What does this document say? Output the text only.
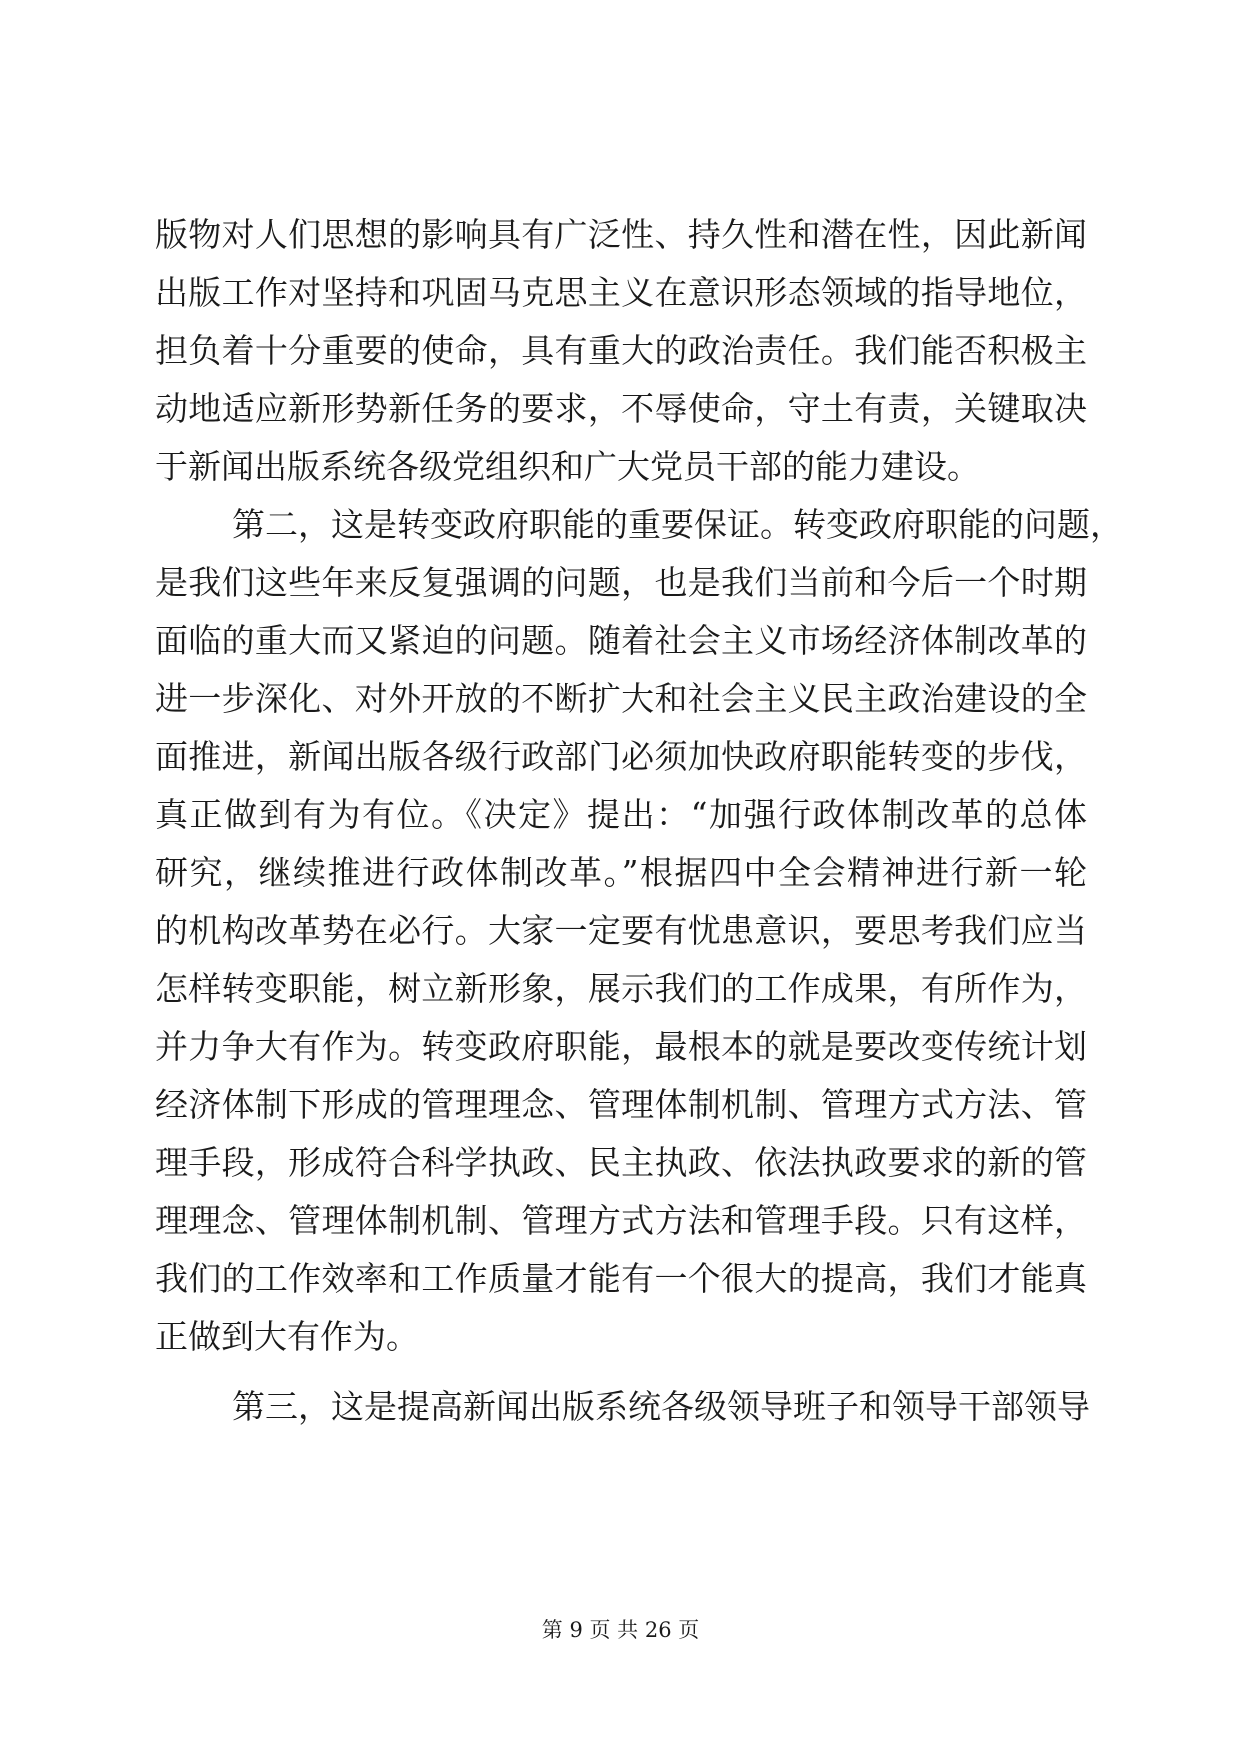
版物对人们思想的影响具有广泛性、持久性和潜在性，因此新闻
出版工作对坚持和巩固马克思主义在意识形态领域的指导地位，
担负着十分重要的使命，具有重大的政治责任。我们能否积极主
动地适应新形势新任务的要求，不辱使命，守土有责，关键取决
于新闻出版系统各级党组织和广大党员干部的能力建设。
第二，这是转变政府职能的重要保证。转变政府职能的问题，
是我们这些年来反复强调的问题，也是我们当前和今后一个时期
面临的重大而又紧迫的问题。随着社会主义市场经济体制改革的
进一步深化、对外开放的不断扩大和社会主义民主政治建设的全
面推进，新闻出版各级行政部门必须加快政府职能转变的步伐，
真正做到有为有位。《决定》提出：“加强行政体制改革的总体
研究，继续推进行政体制改革。”根据四中全会精神进行新一轮
的机构改革势在必行。大家一定要有忧患意识，要思考我们应当
怎样转变职能，树立新形象，展示我们的工作成果，有所作为，
并力争大有作为。转变政府职能，最根本的就是要改变传统计划
经济体制下形成的管理理念、管理体制机制、管理方式方法、管
理手段，形成符合科学执政、民主执政、依法执政要求的新的管
理理念、管理体制机制、管理方式方法和管理手段。只有这样，
我们的工作效率和工作质量才能有一个很大的提高，我们才能真
正做到大有作为。
第三，这是提高新闻出版系统各级领导班子和领导干部领导
第 9 页 共 26 页
